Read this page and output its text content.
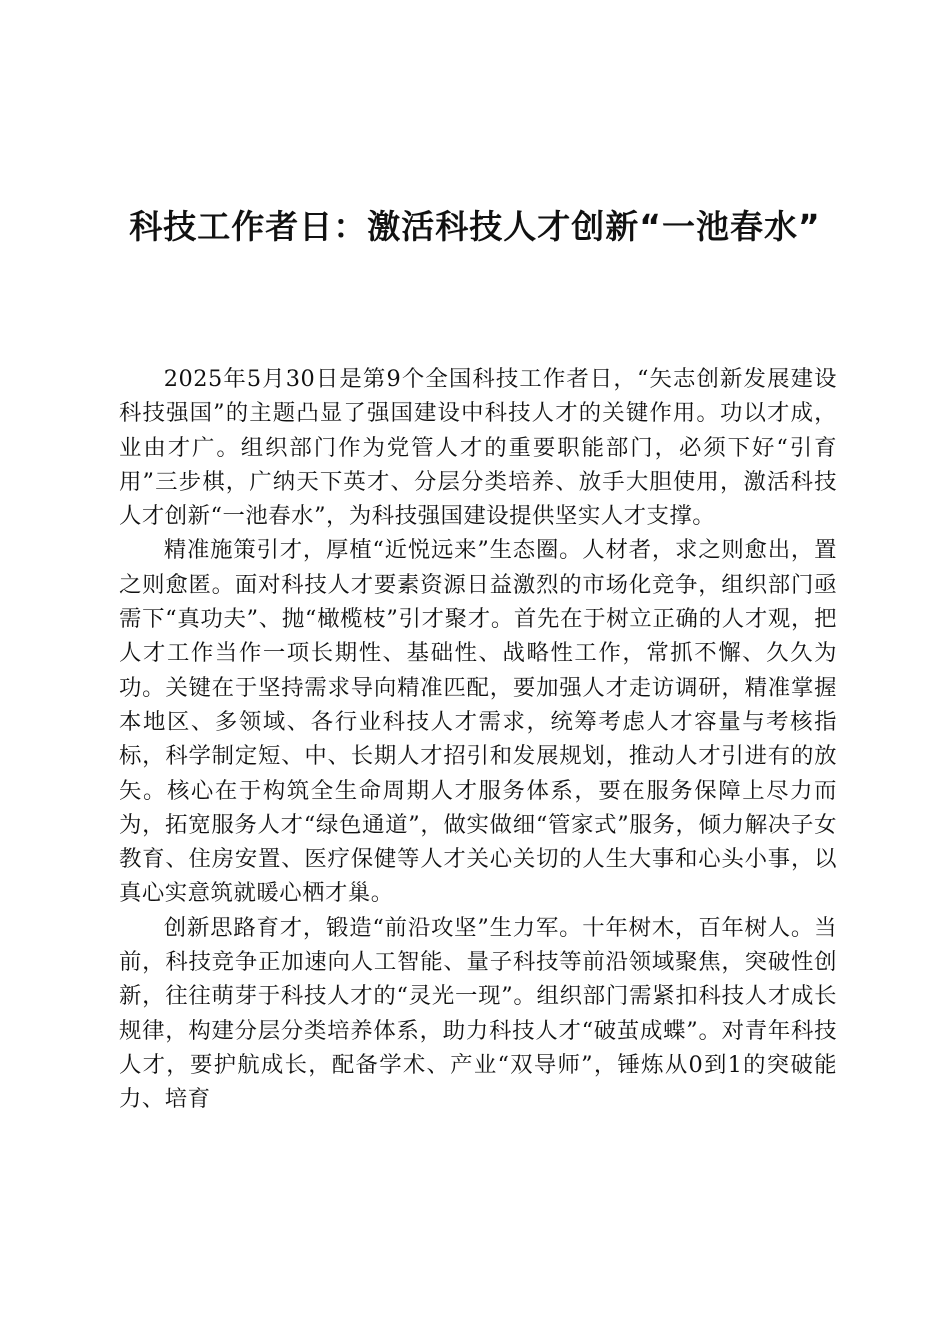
科技工作者日：激活科技人才创新“一池春水”

2025年5月30日是第9个全国科技工作者日，“矢志创新发展建设科技强国”的主题凸显了强国建设中科技人才的关键作用。功以才成，业由才广。组织部门作为党管人才的重要职能部门，必须下好“引育用”三步棋，广纳天下英才、分层分类培养、放手大胆使用，激活科技人才创新“一池春水”，为科技强国建设提供坚实人才支撑。

精准施策引才，厚植“近悦远来”生态圈。人材者，求之则愈出，置之则愈匿。面对科技人才要素资源日益激烈的市场化竞争，组织部门亟需下“真功夫”、抛“橄榄枝”引才聚才。首先在于树立正确的人才观，把人才工作当作一项长期性、基础性、战略性工作，常抓不懈、久久为功。关键在于坚持需求导向精准匹配，要加强人才走访调研，精准掌握本地区、多领域、各行业科技人才需求，统筹考虑人才容量与考核指标，科学制定短、中、长期人才招引和发展规划，推动人才引进有的放矢。核心在于构筑全生命周期人才服务体系，要在服务保障上尽力而为，拓宽服务人才“绿色通道”，做实做细“管家式”服务，倾力解决子女教育、住房安置、医疗保健等人才关心关切的人生大事和心头小事，以真心实意筑就暖心栖才巢。

创新思路育才，锻造“前沿攻坚”生力军。十年树木，百年树人。当前，科技竞争正加速向人工智能、量子科技等前沿领域聚焦，突破性创新，往往萌芽于科技人才的“灵光一现”。组织部门需紧扣科技人才成长规律，构建分层分类培养体系，助力科技人才“破茧成蝶”。对青年科技人才，要护航成长，配备学术、产业“双导师”，锤炼从0到1的突破能力、培育
